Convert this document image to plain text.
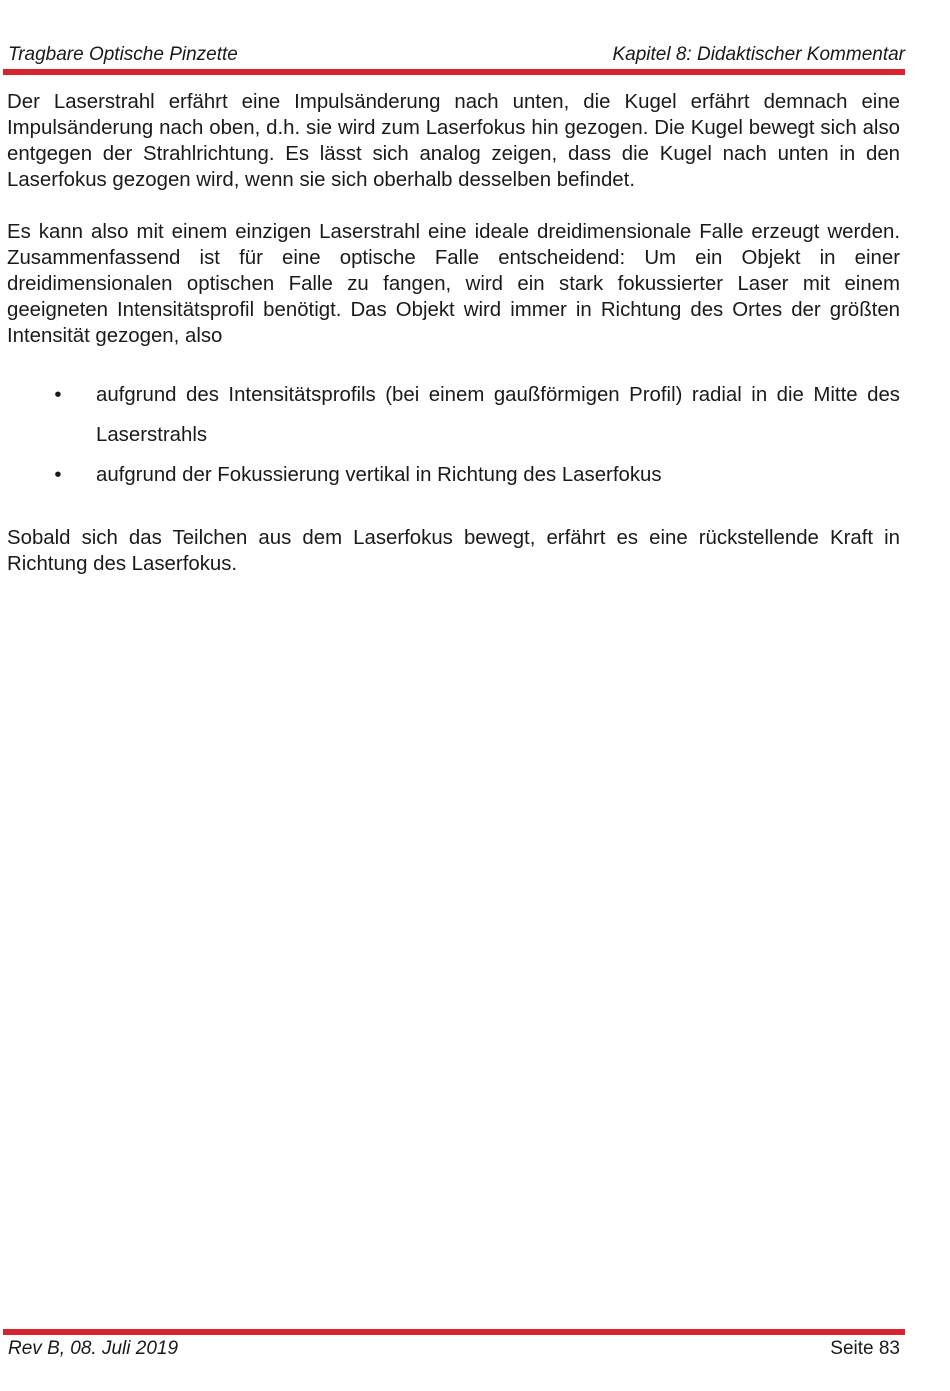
Tragbare Optische Pinzette	Kapitel 8: Didaktischer Kommentar

Der Laserstrahl erfährt eine Impulsänderung nach unten, die Kugel erfährt demnach eine Impulsänderung nach oben, d.h. sie wird zum Laserfokus hin gezogen. Die Kugel bewegt sich also entgegen der Strahlrichtung. Es lässt sich analog zeigen, dass die Kugel nach unten in den Laserfokus gezogen wird, wenn sie sich oberhalb desselben befindet.

Es kann also mit einem einzigen Laserstrahl eine ideale dreidimensionale Falle erzeugt werden. Zusammenfassend ist für eine optische Falle entscheidend: Um ein Objekt in einer dreidimensionalen optischen Falle zu fangen, wird ein stark fokussierter Laser mit einem geeigneten Intensitätsprofil benötigt. Das Objekt wird immer in Richtung des Ortes der größten Intensität gezogen, also

• aufgrund des Intensitätsprofils (bei einem gaußförmigen Profil) radial in die Mitte des Laserstrahls
• aufgrund der Fokussierung vertikal in Richtung des Laserfokus

Sobald sich das Teilchen aus dem Laserfokus bewegt, erfährt es eine rückstellende Kraft in Richtung des Laserfokus.

Rev B, 08. Juli 2019	Seite 83
